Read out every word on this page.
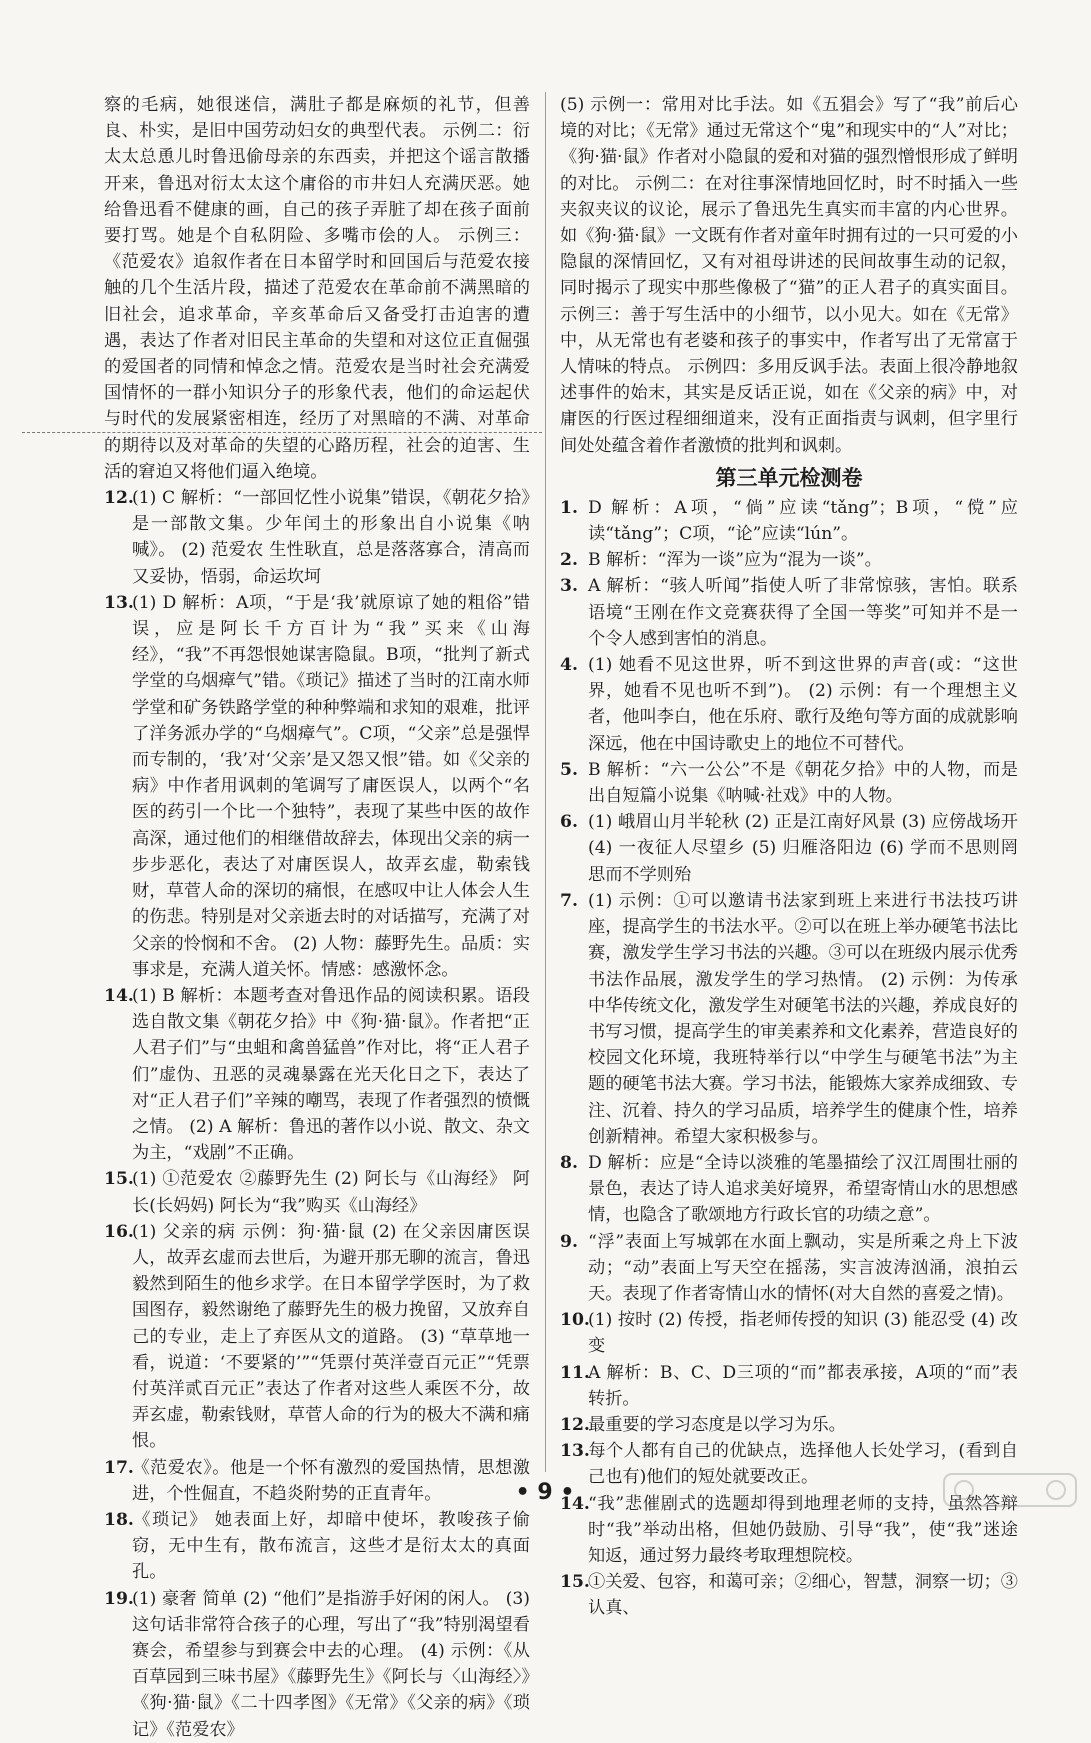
察的毛病，她很迷信，满肚子都是麻烦的礼节，但善良、朴实，是旧中国劳动妇女的典型代表。 示例二：衍太太总恿儿时鲁迅偷母亲的东西卖，并把这个谣言散播开来，鲁迅对衍太太这个庸俗的市井妇人充满厌恶。她给鲁迅看不健康的画，自己的孩子弄脏了却在孩子面前要打骂。她是个自私阴险、多嘴市侩的人。 示例三：《范爱农》追叙作者在日本留学时和回国后与范爱农接触的几个生活片段，描述了范爱农在革命前不满黑暗的旧社会，追求革命，辛亥革命后又备受打击迫害的遭遇，表达了作者对旧民主革命的失望和对这位正直倔强的爱国者的同情和悼念之情。范爱农是当时社会充满爱国情怀的一群小知识分子的形象代表，他们的命运起伏与时代的发展紧密相连，经历了对黑暗的不满、对革命的期待以及对革命的失望的心路历程，社会的迫害、生活的窘迫又将他们逼入绝境。

12.(1) C 解析：“一部回忆性小说集”错误，《朝花夕拾》是一部散文集。少年闰土的形象出自小说集《呐喊》。 (2) 范爱农 生性耿直，总是落落寡合，清高而又妥协，悟弱，命运坎坷
13.(1) D 解析：A项，“于是‘我’就原谅了她的粗俗”错误，应是阿长千方百计为“我”买来《山海经》，“我”不再怨恨她谋害隐鼠。B项，“批判了新式学堂的乌烟瘴气”错。《琐记》描述了当时的江南水师学堂和矿务铁路学堂的种种弊端和求知的艰难，批评了洋务派办学的“乌烟瘴气”。C项，“父亲”总是强悍而专制的，‘我’对‘父亲’是又怨又恨”错。如《父亲的病》中作者用讽刺的笔调写了庸医误人，以两个“名医的药引一个比一个独特”，表现了某些中医的故作高深，通过他们的相继借故辞去，体现出父亲的病一步步恶化，表达了对庸医误人，故弄玄虚，勒索钱财，草菅人命的深切的痛恨，在感叹中让人体会人生的伤悲。特别是对父亲逝去时的对话描写，充满了对父亲的怜悯和不舍。 (2) 人物：藤野先生。品质：实事求是，充满人道关怀。情感：感激怀念。
14.(1) B 解析：本题考查对鲁迅作品的阅读积累。语段选自散文集《朝花夕拾》中《狗·猫·鼠》。作者把“正人君子们”与“虫蛆和禽兽猛兽”作对比，将“正人君子们”虚伪、丑恶的灵魂暴露在光天化日之下，表达了对“正人君子们”辛辣的嘲骂，表现了作者强烈的愤慨之情。 (2) A 解析：鲁迅的著作以小说、散文、杂文为主，“戏剧”不正确。
15.(1) ①范爱农 ②藤野先生 (2) 阿长与《山海经》 阿长(长妈妈) 阿长为“我”购买《山海经》
16.(1) 父亲的病 示例：狗·猫·鼠 (2) 在父亲因庸医误人，故弄玄虚而去世后，为避开那无聊的流言，鲁迅毅然到陌生的他乡求学。在日本留学学医时，为了救国图存，毅然谢绝了藤野先生的极力挽留，又放弃自己的专业，走上了弃医从文的道路。 (3) “草草地一看，说道：‘不要紧的’”“凭票付英洋壹百元正”“凭票付英洋贰百元正”表达了作者对这些人乘医不分，故弄玄虚，勒索钱财，草菅人命的行为的极大不满和痛恨。
17.《范爱农》。他是一个怀有激烈的爱国热情，思想激进，个性倔直，不趋炎附势的正直青年。
18.《琐记》 她表面上好，却暗中使坏，教唆孩子偷窃，无中生有，散布流言，这些才是衍太太的真面孔。
19.(1) 豪奢 简单 (2) “他们”是指游手好闲的闲人。 (3) 这句话非常符合孩子的心理，写出了“我”特别渴望看赛会，希望参与到赛会中去的心理。 (4) 示例：《从百草园到三味书屋》《藤野先生》《阿长与〈山海经〉》《狗·猫·鼠》《二十四孝图》《无常》《父亲的病》《琐记》《范爱农》

(5) 示例一：常用对比手法。如《五猖会》写了“我”前后心境的对比；《无常》通过无常这个“鬼”和现实中的“人”对比；《狗·猫·鼠》作者对小隐鼠的爱和对猫的强烈憎恨形成了鲜明的对比。 示例二：在对往事深情地回忆时，时不时插入一些夹叙夹议的议论，展示了鲁迅先生真实而丰富的内心世界。如《狗·猫·鼠》一文既有作者对童年时拥有过的一只可爱的小隐鼠的深情回忆，又有对祖母讲述的民间故事生动的记叙，同时揭示了现实中那些像极了“猫”的正人君子的真实面目。 示例三：善于写生活中的小细节，以小见大。如在《无常》中，从无常也有老婆和孩子的事实中，作者写出了无常富于人情味的特点。 示例四：多用反讽手法。表面上很冷静地叙述事件的始末，其实是反话正说，如在《父亲的病》中，对庸医的行医过程细细道来，没有正面指责与讽刺，但字里行间处处蕴含着作者激愤的批判和讽刺。

第三单元检测卷
1. D 解析：A项，“倘”应读“tǎng”；B项，“傥”应读“tǎng”；C项，“论”应读“lún”。
2. B 解析：“浑为一谈”应为“混为一谈”。
3. A 解析：“骇人听闻”指使人听了非常惊骇，害怕。联系语境“王刚在作文竞赛获得了全国一等奖”可知并不是一个令人感到害怕的消息。
4. (1) 她看不见这世界，听不到这世界的声音(或：“这世界，她看不见也听不到”)。 (2) 示例：有一个理想主义者，他叫李白，他在乐府、歌行及绝句等方面的成就影响深远，他在中国诗歌史上的地位不可替代。
5. B 解析：“六一公公”不是《朝花夕拾》中的人物，而是出自短篇小说集《呐喊·社戏》中的人物。
6. (1) 峨眉山月半轮秋 (2) 正是江南好风景 (3) 应傍战场开 (4) 一夜征人尽望乡 (5) 归雁洛阳边 (6) 学而不思则罔 思而不学则殆
7. (1) 示例：①可以邀请书法家到班上来进行书法技巧讲座，提高学生的书法水平。②可以在班上举办硬笔书法比赛，激发学生学习书法的兴趣。③可以在班级内展示优秀书法作品展，激发学生的学习热情。 (2) 示例：为传承中华传统文化，激发学生对硬笔书法的兴趣，养成良好的书写习惯，提高学生的审美素养和文化素养，营造良好的校园文化环境，我班特举行以“中学生与硬笔书法”为主题的硬笔书法大赛。学习书法，能锻炼大家养成细致、专注、沉着、持久的学习品质，培养学生的健康个性，培养创新精神。希望大家积极参与。
8. D 解析：应是“全诗以淡雅的笔墨描绘了汉江周围壮丽的景色，表达了诗人追求美好境界，希望寄情山水的思想感情，也隐含了歌颂地方行政长官的功绩之意”。
9. “浮”表面上写城郭在水面上飘动，实是所乘之舟上下波动；“动”表面上写天空在摇荡，实言波涛汹涌，浪拍云天。表现了作者寄情山水的情怀(对大自然的喜爱之情)。
10.(1) 按时 (2) 传授，指老师传授的知识 (3) 能忍受 (4) 改变
11.A 解析：B、C、D三项的“而”都表承接，A项的“而”表转折。
12.最重要的学习态度是以学习为乐。
13.每个人都有自己的优缺点，选择他人长处学习，(看到自己也有)他们的短处就要改正。
14.“我”悲催剧式的选题却得到地理老师的支持，虽然答辩时“我”举动出格，但她仍鼓励、引导“我”，使“我”迷途知返，通过努力最终考取理想院校。
15.①关爱、包容，和蔼可亲；②细心，智慧，洞察一切；③认真、
• 9 •
